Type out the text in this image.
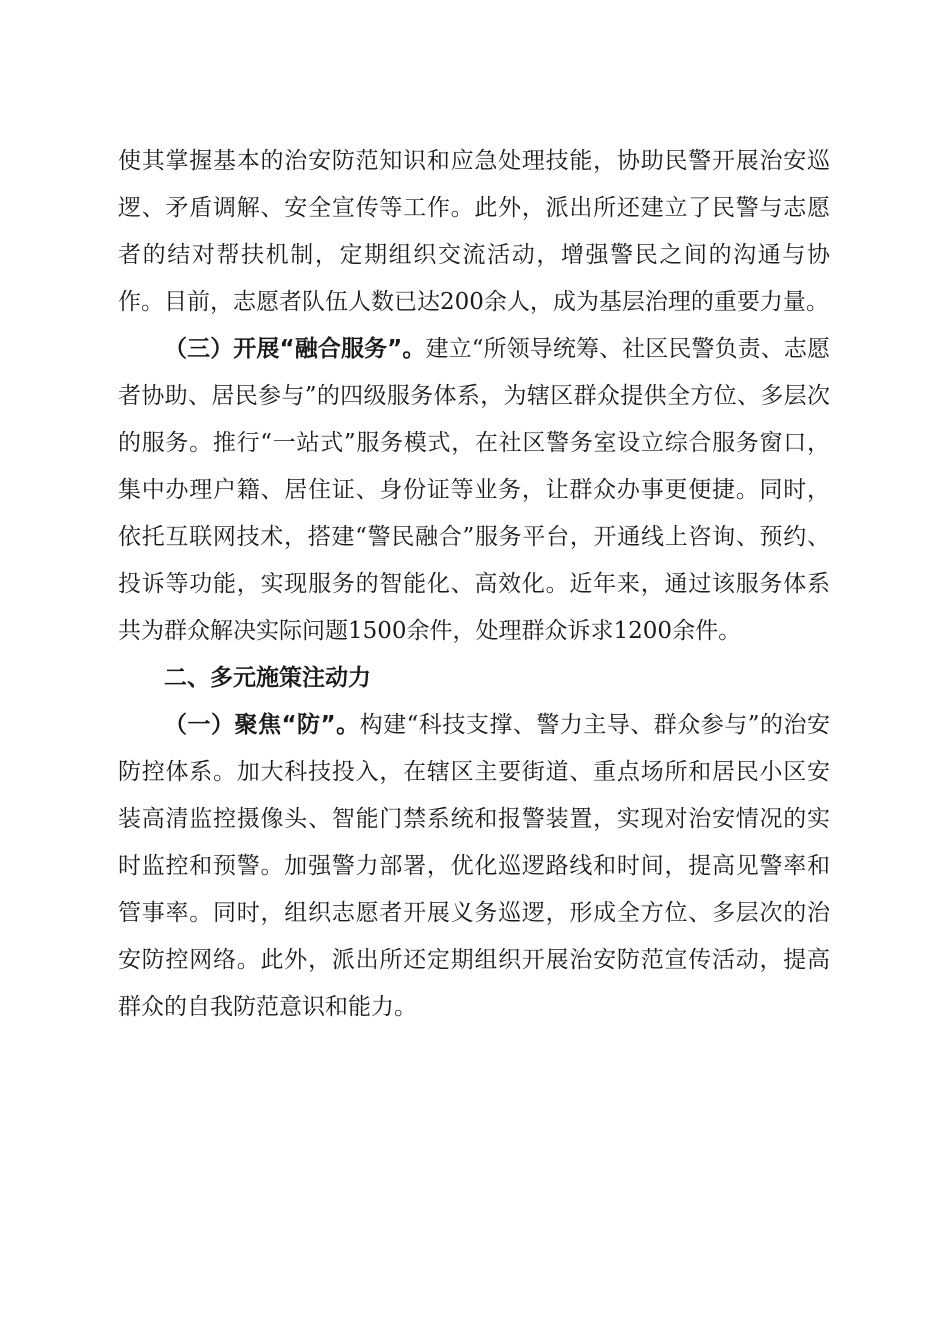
使其掌握基本的治安防范知识和应急处理技能，协助民警开展治安巡逻、矛盾调解、安全宣传等工作。此外，派出所还建立了民警与志愿者的结对帮扶机制，定期组织交流活动，增强警民之间的沟通与协作。目前，志愿者队伍人数已达200余人，成为基层治理的重要力量。

（三）开展“融合服务”。建立“所领导统筹、社区民警负责、志愿者协助、居民参与”的四级服务体系，为辖区群众提供全方位、多层次的服务。推行“一站式”服务模式，在社区警务室设立综合服务窗口，集中办理户籍、居住证、身份证等业务，让群众办事更便捷。同时，依托互联网技术，搭建“警民融合”服务平台，开通线上咨询、预约、投诉等功能，实现服务的智能化、高效化。近年来，通过该服务体系共为群众解决实际问题1500余件，处理群众诉求1200余件。

二、多元施策注动力

（一）聚焦“防”。构建“科技支撑、警力主导、群众参与”的治安防控体系。加大科技投入，在辖区主要街道、重点场所和居民小区安装高清监控摄像头、智能门禁系统和报警装置，实现对治安情况的实时监控和预警。加强警力部署，优化巡逻路线和时间，提高见警率和管事率。同时，组织志愿者开展义务巡逻，形成全方位、多层次的治安防控网络。此外，派出所还定期组织开展治安防范宣传活动，提高群众的自我防范意识和能力。
